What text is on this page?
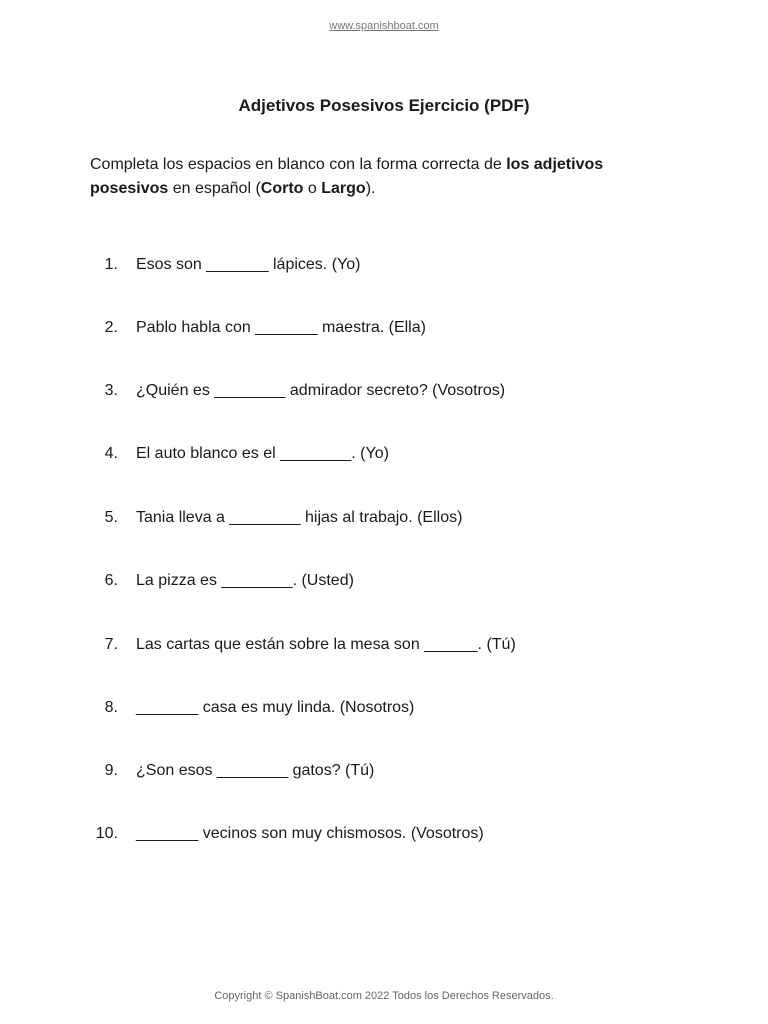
www.spanishboat.com
Adjetivos Posesivos Ejercicio (PDF)
Completa los espacios en blanco con la forma correcta de los adjetivos posesivos en español (Corto o Largo).
1. Esos son _______ lápices. (Yo)
2. Pablo habla con _______ maestra. (Ella)
3. ¿Quién es ________ admirador secreto? (Vosotros)
4. El auto blanco es el ________. (Yo)
5. Tania lleva a ________ hijas al trabajo. (Ellos)
6. La pizza es ________. (Usted)
7. Las cartas que están sobre la mesa son ______. (Tú)
8. _______ casa es muy linda. (Nosotros)
9. ¿Son esos ________ gatos? (Tú)
10. _______ vecinos son muy chismosos. (Vosotros)
Copyright © SpanishBoat.com 2022 Todos los Derechos Reservados.
